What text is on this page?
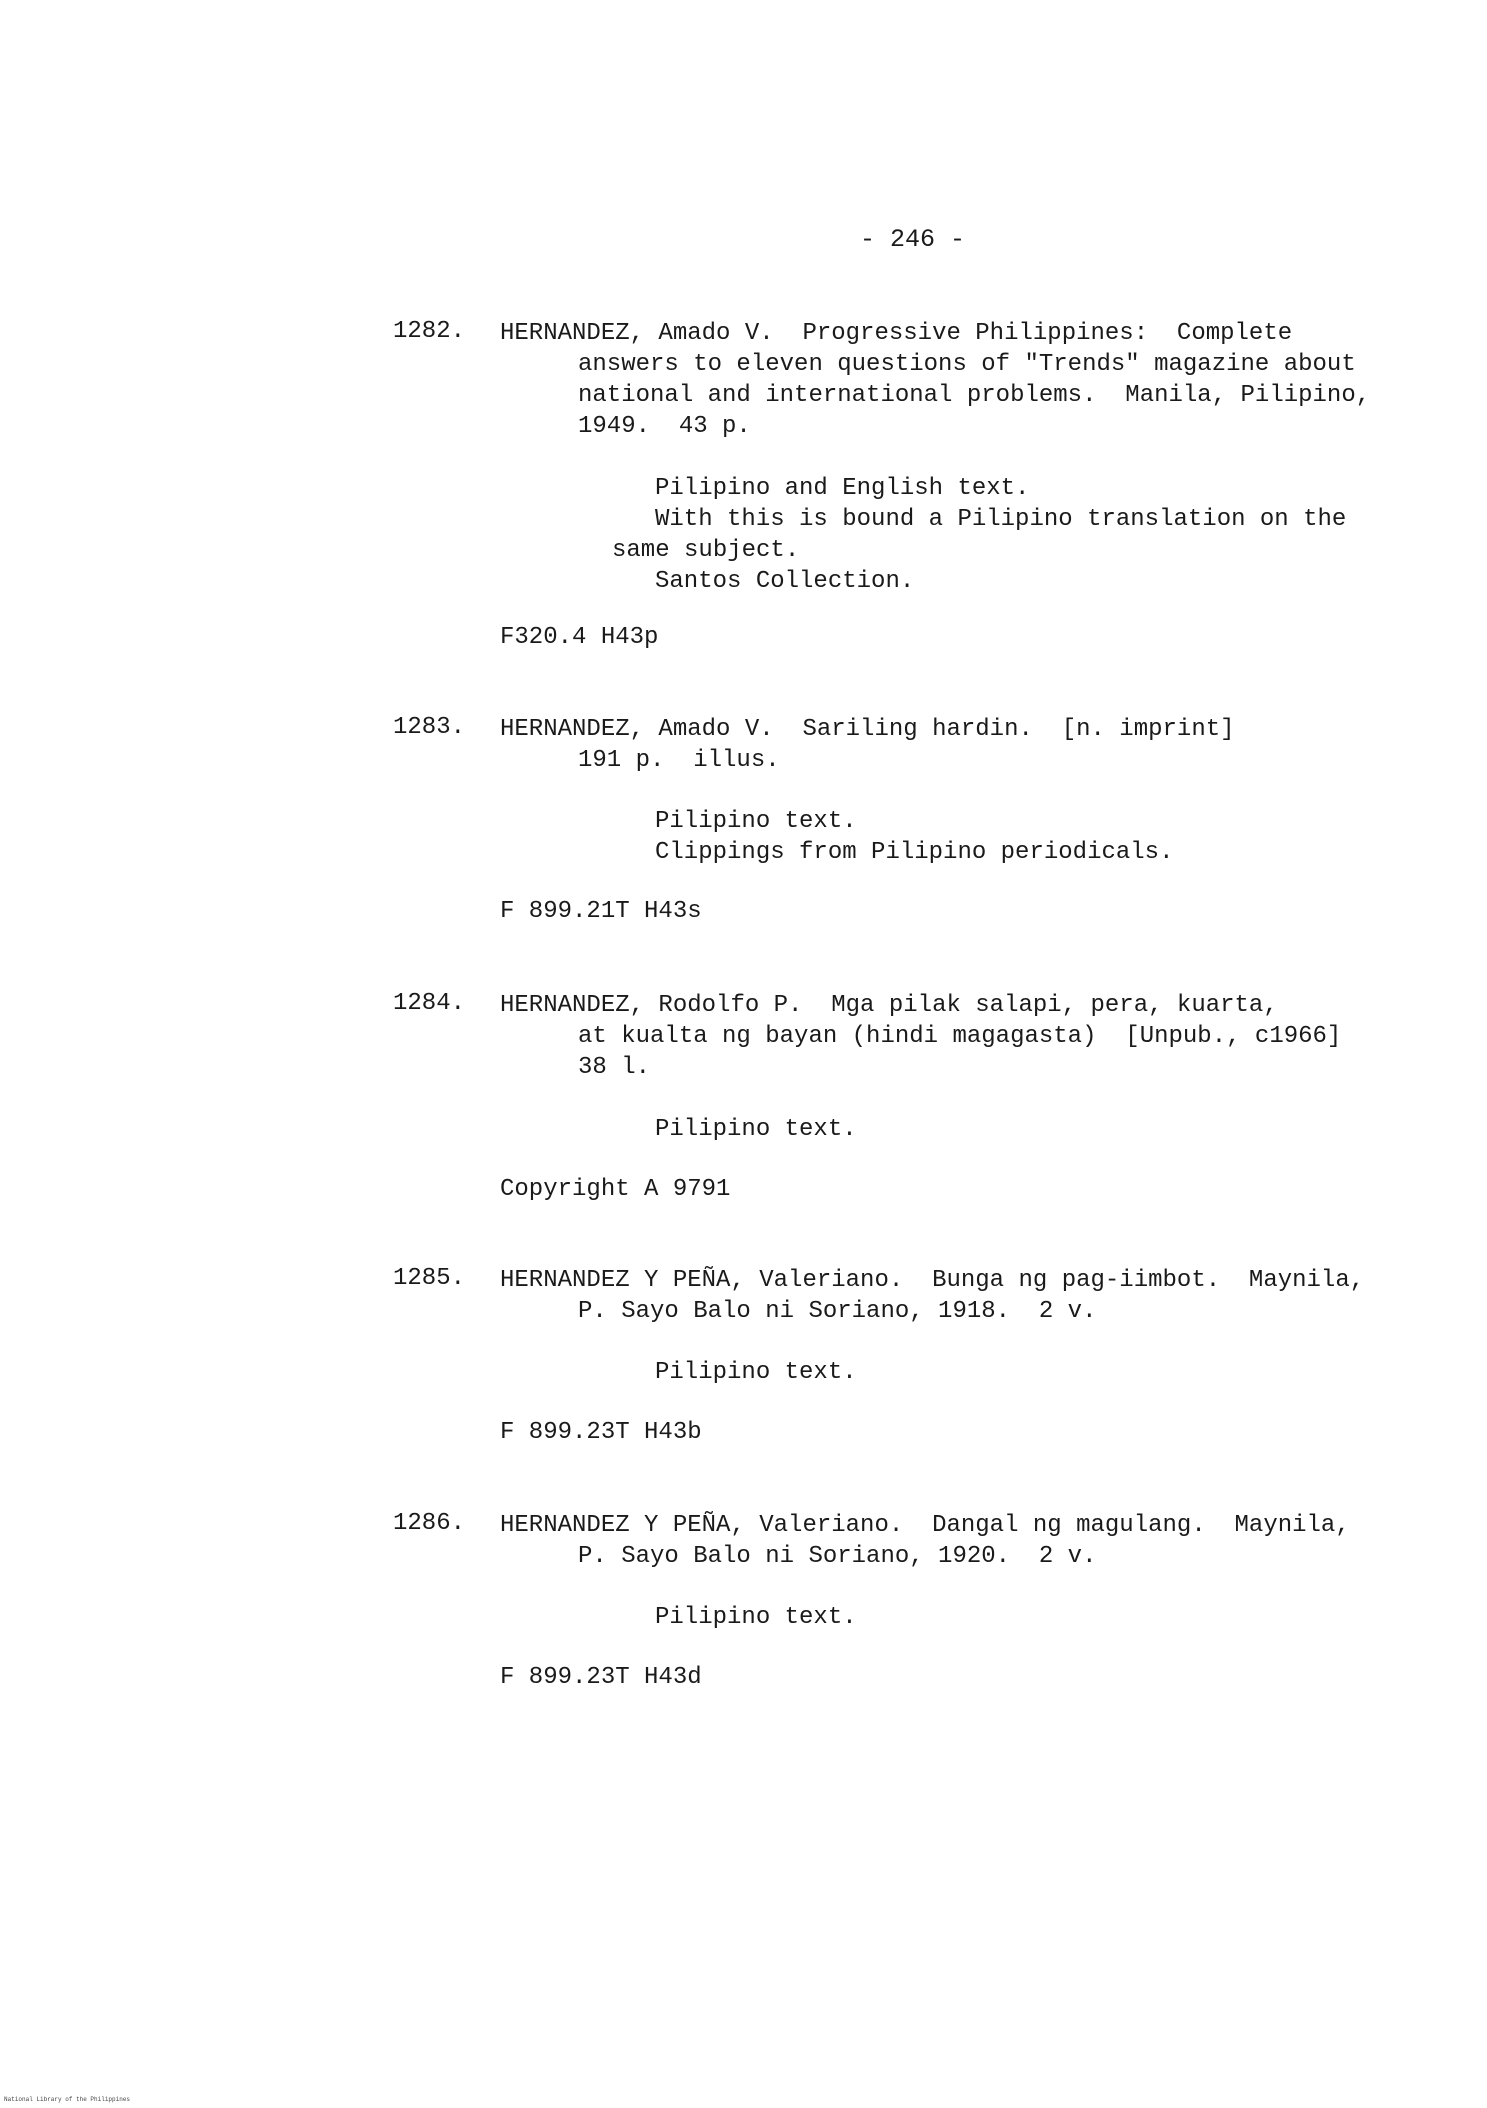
- 246 -
1282. HERNANDEZ, Amado V.  Progressive Philippines:  Complete
answers to eleven questions of "Trends" magazine about
national and international problems.  Manila, Pilipino,
1949.  43 p.
Pilipino and English text.
With this is bound a Pilipino translation on the
same subject.
Santos Collection.
F320.4 H43p
1283. HERNANDEZ, Amado V.  Sariling hardin.  [n. imprint]
191 p.  illus.
Pilipino text.
Clippings from Pilipino periodicals.
F 899.21T H43s
1284. HERNANDEZ, Rodolfo P.  Mga pilak salapi, pera, kuarta,
at kualta ng bayan (hindi magagasta)  [Unpub., c1966]
38 l.
Pilipino text.
Copyright A 9791
1285. HERNANDEZ Y PEÑA, Valeriano.  Bunga ng pag-iimbot.  Maynila,
P. Sayo Balo ni Soriano, 1918.  2 v.
Pilipino text.
F 899.23T H43b
1286. HERNANDEZ Y PEÑA, Valeriano.  Dangal ng magulang.  Maynila,
P. Sayo Balo ni Soriano, 1920.  2 v.
Pilipino text.
F 899.23T H43d
National Library of the Philippines
